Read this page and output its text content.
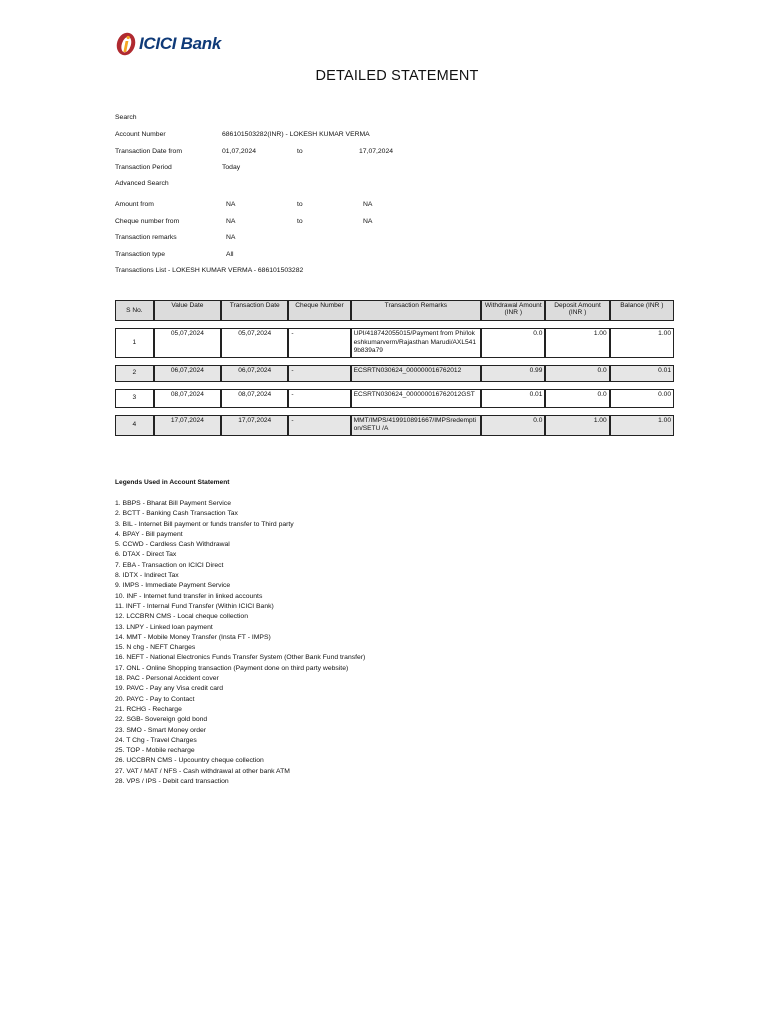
ICICI Bank
DETAILED STATEMENT
Search
Account Number	686101503282(INR) - LOKESH KUMAR VERMA
Transaction Date from	01,07,2024	to	17,07,2024
Transaction Period	Today
Advanced Search
Amount from	NA	to	NA
Cheque number from	NA	to	NA
Transaction remarks	NA
Transaction type	All
Transactions List - LOKESH KUMAR VERMA - 686101503282
S No.	Value Date	Transaction Date	Cheque Number	Transaction Remarks	Withdrawal Amount (INR )	Deposit Amount (INR )	Balance (INR )

1	05,07,2024	05,07,2024	-	UPI/418742055015/Payment from Phi/lokeshkumarverm/Rajasthan Marudi/AXL5419b839a79	0.0	1.00	1.00

2	06,07,2024	06,07,2024	-	ECSRTN030624_000000016762012	0.99	0.0	0.01

3	08,07,2024	08,07,2024	-	ECSRTN030624_000000016762012GST	0.01	0.0	0.00

4	17,07,2024	17,07,2024	-	MMT/IMPS/419910891667/IMPSredemption/SETU /A	0.0	1.00	1.00
Legends Used in Account Statement
1. BBPS - Bharat Bill Payment Service
2. BCTT - Banking Cash Transaction Tax
3. BIL - Internet Bill payment or funds transfer to Third party
4. BPAY - Bill payment
5. CCWD - Cardless Cash Withdrawal
6. DTAX - Direct Tax
7. EBA - Transaction on ICICI Direct
8. IDTX - Indirect Tax
9. IMPS - Immediate Payment Service
10. INF - Internet fund transfer in linked accounts
11. INFT - Internal Fund Transfer (Within ICICI Bank)
12. LCCBRN CMS - Local cheque collection
13. LNPY - Linked loan payment
14. MMT - Mobile Money Transfer (Insta FT - IMPS)
15. N chg - NEFT Charges
16. NEFT - National Electronics Funds Transfer System (Other Bank Fund transfer)
17. ONL - Online Shopping transaction (Payment done on third party website)
18. PAC - Personal Accident cover
19. PAVC - Pay any Visa credit card
20. PAYC - Pay to Contact
21. RCHG - Recharge
22. SGB- Sovereign gold bond
23. SMO - Smart Money order
24. T Chg - Travel Charges
25. TOP - Mobile recharge
26. UCCBRN CMS - Upcountry cheque collection
27. VAT / MAT / NFS - Cash withdrawal at other bank ATM
28. VPS / IPS - Debit card transaction
